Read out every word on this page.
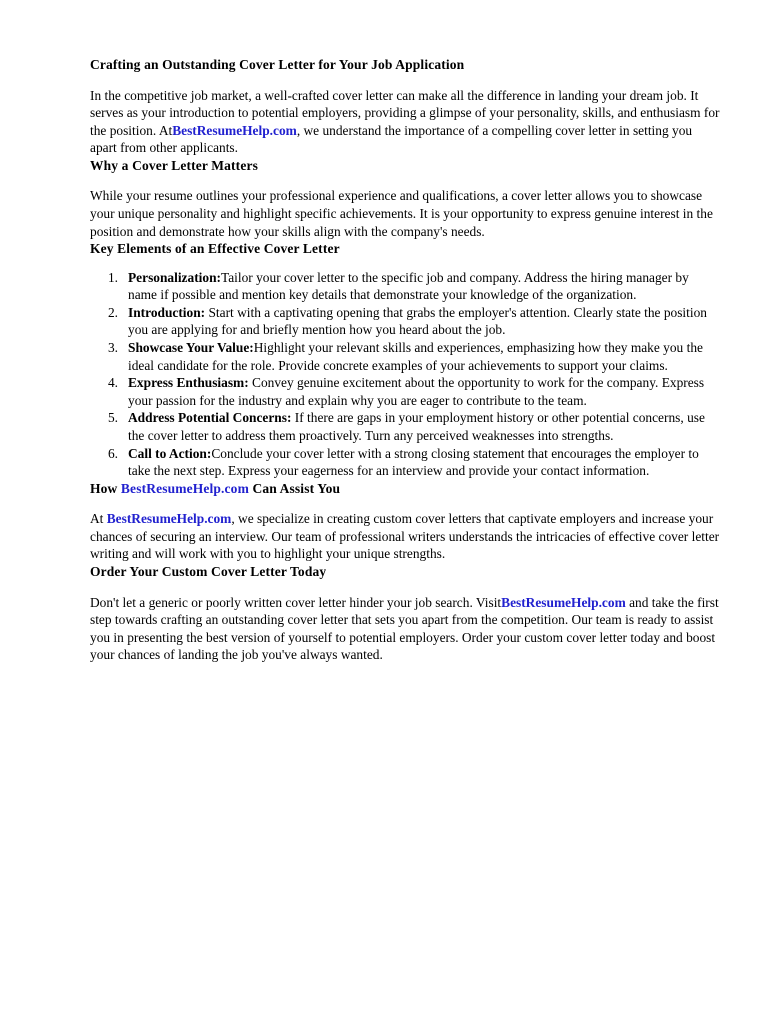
Crafting an Outstanding Cover Letter for Your Job Application

In the competitive job market, a well-crafted cover letter can make all the difference in landing your dream job. It serves as your introduction to potential employers, providing a glimpse of your personality, skills, and enthusiasm for the position. AtBestResumeHelp.com, we understand the importance of a compelling cover letter in setting you apart from other applicants.

Why a Cover Letter Matters

While your resume outlines your professional experience and qualifications, a cover letter allows you to showcase your unique personality and highlight specific achievements. It is your opportunity to express genuine interest in the position and demonstrate how your skills align with the company's needs.

Key Elements of an Effective Cover Letter
Personalization:Tailor your cover letter to the specific job and company. Address the hiring manager by name if possible and mention key details that demonstrate your knowledge of the organization.
Introduction: Start with a captivating opening that grabs the employer's attention. Clearly state the position you are applying for and briefly mention how you heard about the job.
Showcase Your Value:Highlight your relevant skills and experiences, emphasizing how they make you the ideal candidate for the role. Provide concrete examples of your achievements to support your claims.
Express Enthusiasm: Convey genuine excitement about the opportunity to work for the company. Express your passion for the industry and explain why you are eager to contribute to the team.
Address Potential Concerns: If there are gaps in your employment history or other potential concerns, use the cover letter to address them proactively. Turn any perceived weaknesses into strengths.
Call to Action:Conclude your cover letter with a strong closing statement that encourages the employer to take the next step. Express your eagerness for an interview and provide your contact information.
How BestResumeHelp.com Can Assist You

At BestResumeHelp.com, we specialize in creating custom cover letters that captivate employers and increase your chances of securing an interview. Our team of professional writers understands the intricacies of effective cover letter writing and will work with you to highlight your unique strengths.

Order Your Custom Cover Letter Today

Don't let a generic or poorly written cover letter hinder your job search. VisitBestResumeHelp.com and take the first step towards crafting an outstanding cover letter that sets you apart from the competition. Our team is ready to assist you in presenting the best version of yourself to potential employers. Order your custom cover letter today and boost your chances of landing the job you've always wanted.
